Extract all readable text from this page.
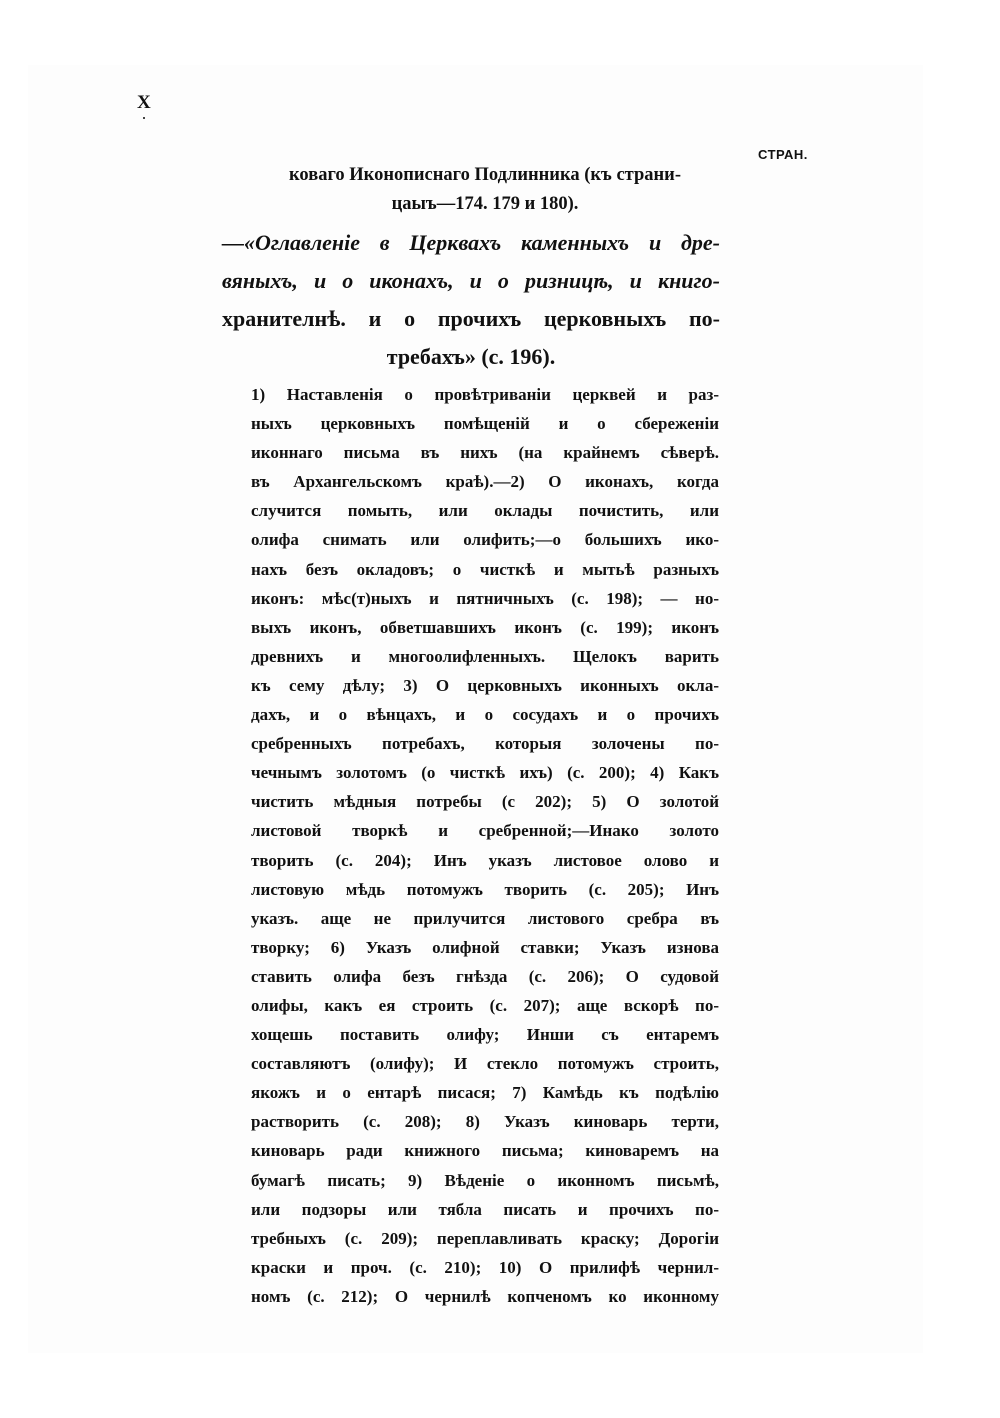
X
СТРАН.
коваго Иконописнаго Подлинника (къ страни-
цаыъ—174. 179 и 180).
—«Оглавленіе в Церквахъ каменныхъ и дре-
вяныхъ, и о иконахъ, и о ризницѣ, и книго-
хранителнѣ. и о прочихъ церковныхъ по-
требахъ» (с. 196).
1) Наставленія о провѣтриваніи церквей и раз-
ныхъ церковныхъ помѣщеній и о сбереженіи
иконнаго письма въ нихъ (на крайнемъ сѣверѣ.
въ Архангельскомъ краѣ).—2) О иконахъ, когда
случится помыть, или оклады почистить, или
олифа снимать или олифить;—о большихъ ико-
нахъ безъ окладовъ; о чисткѣ и мытьѣ разныхъ
иконъ: мѣс(т)ныхъ и пятничныхъ (с. 198); — но-
выхъ иконъ, обветшавшихъ иконъ (с. 199); иконъ
древнихъ и многоолифленныхъ. Щелокъ варить
къ сему дѣлу; 3) О церковныхъ иконныхъ окла-
дахъ, и о вѣнцахъ, и о сосудахъ и о прочихъ
сребренныхъ потребахъ, которыя золочены по-
чечнымъ золотомъ (о чисткѣ ихъ) (с. 200); 4) Какъ
чистить мѣдныя потребы (с 202); 5) О золотой
листовой творкѣ и сребренной;—Инако золото
творить (с. 204); Инъ указъ листовое олово и
листовую мѣдь потомужъ творить (с. 205); Инъ
указъ. аще не прилучится листового сребра въ
творку; 6) Указъ олифной ставки; Указъ изнова
ставить олифа безъ гнѣзда (с. 206); О судовой
олифы, какъ ея строить (с. 207); аще вскорѣ по-
хощешь поставить олифу; Инши съ ентаремъ
составляютъ (олифу); И стекло потомужъ строить,
якожъ и о ентарѣ писася; 7) Камѣдь къ подѣлію
растворить (с. 208); 8) Указъ киноварь терти,
киноварь ради книжного письма; киноваремъ на
бумагѣ писать; 9) Вѣденіе о иконномъ письмѣ,
или подзоры или тябла писать и прочихъ по-
требныхъ (с. 209); переплавливать краску; Дорогіи
краски и проч. (с. 210); 10) О прилифѣ чернил-
номъ (с. 212); О чернилѣ копченомъ ко иконному
